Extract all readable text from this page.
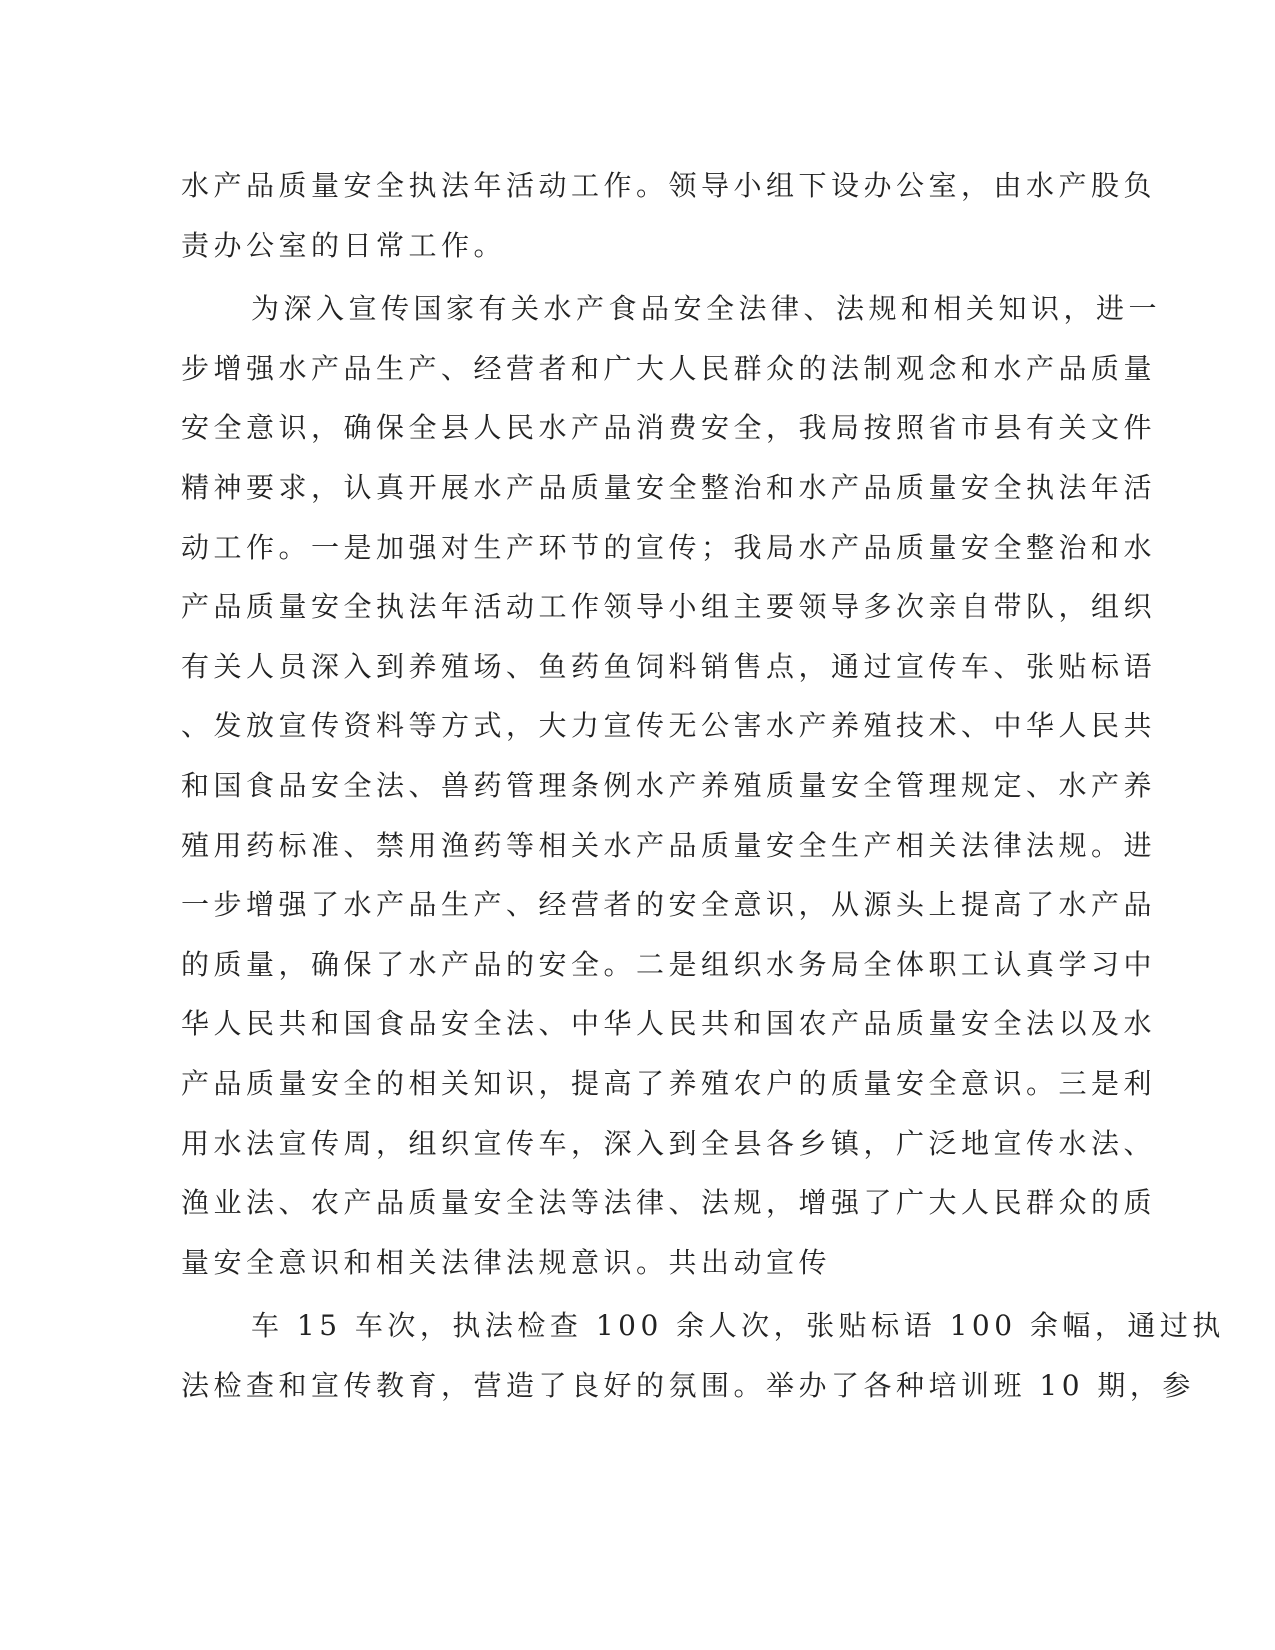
水产品质量安全执法年活动工作。领导小组下设办公室，由水产股负
责办公室的日常工作。
为深入宣传国家有关水产食品安全法律、法规和相关知识，进一
步增强水产品生产、经营者和广大人民群众的法制观念和水产品质量
安全意识，确保全县人民水产品消费安全，我局按照省市县有关文件
精神要求，认真开展水产品质量安全整治和水产品质量安全执法年活
动工作。一是加强对生产环节的宣传；我局水产品质量安全整治和水
产品质量安全执法年活动工作领导小组主要领导多次亲自带队，组织
有关人员深入到养殖场、鱼药鱼饲料销售点，通过宣传车、张贴标语
、发放宣传资料等方式，大力宣传无公害水产养殖技术、中华人民共
和国食品安全法、兽药管理条例水产养殖质量安全管理规定、水产养
殖用药标准、禁用渔药等相关水产品质量安全生产相关法律法规。进
一步增强了水产品生产、经营者的安全意识，从源头上提高了水产品
的质量，确保了水产品的安全。二是组织水务局全体职工认真学习中
华人民共和国食品安全法、中华人民共和国农产品质量安全法以及水
产品质量安全的相关知识，提高了养殖农户的质量安全意识。三是利
用水法宣传周，组织宣传车，深入到全县各乡镇，广泛地宣传水法、
渔业法、农产品质量安全法等法律、法规，增强了广大人民群众的质
量安全意识和相关法律法规意识。共出动宣传
车 15 车次，执法检查 100 余人次，张贴标语 100 余幅，通过执
法检查和宣传教育，营造了良好的氛围。举办了各种培训班 10 期，参
